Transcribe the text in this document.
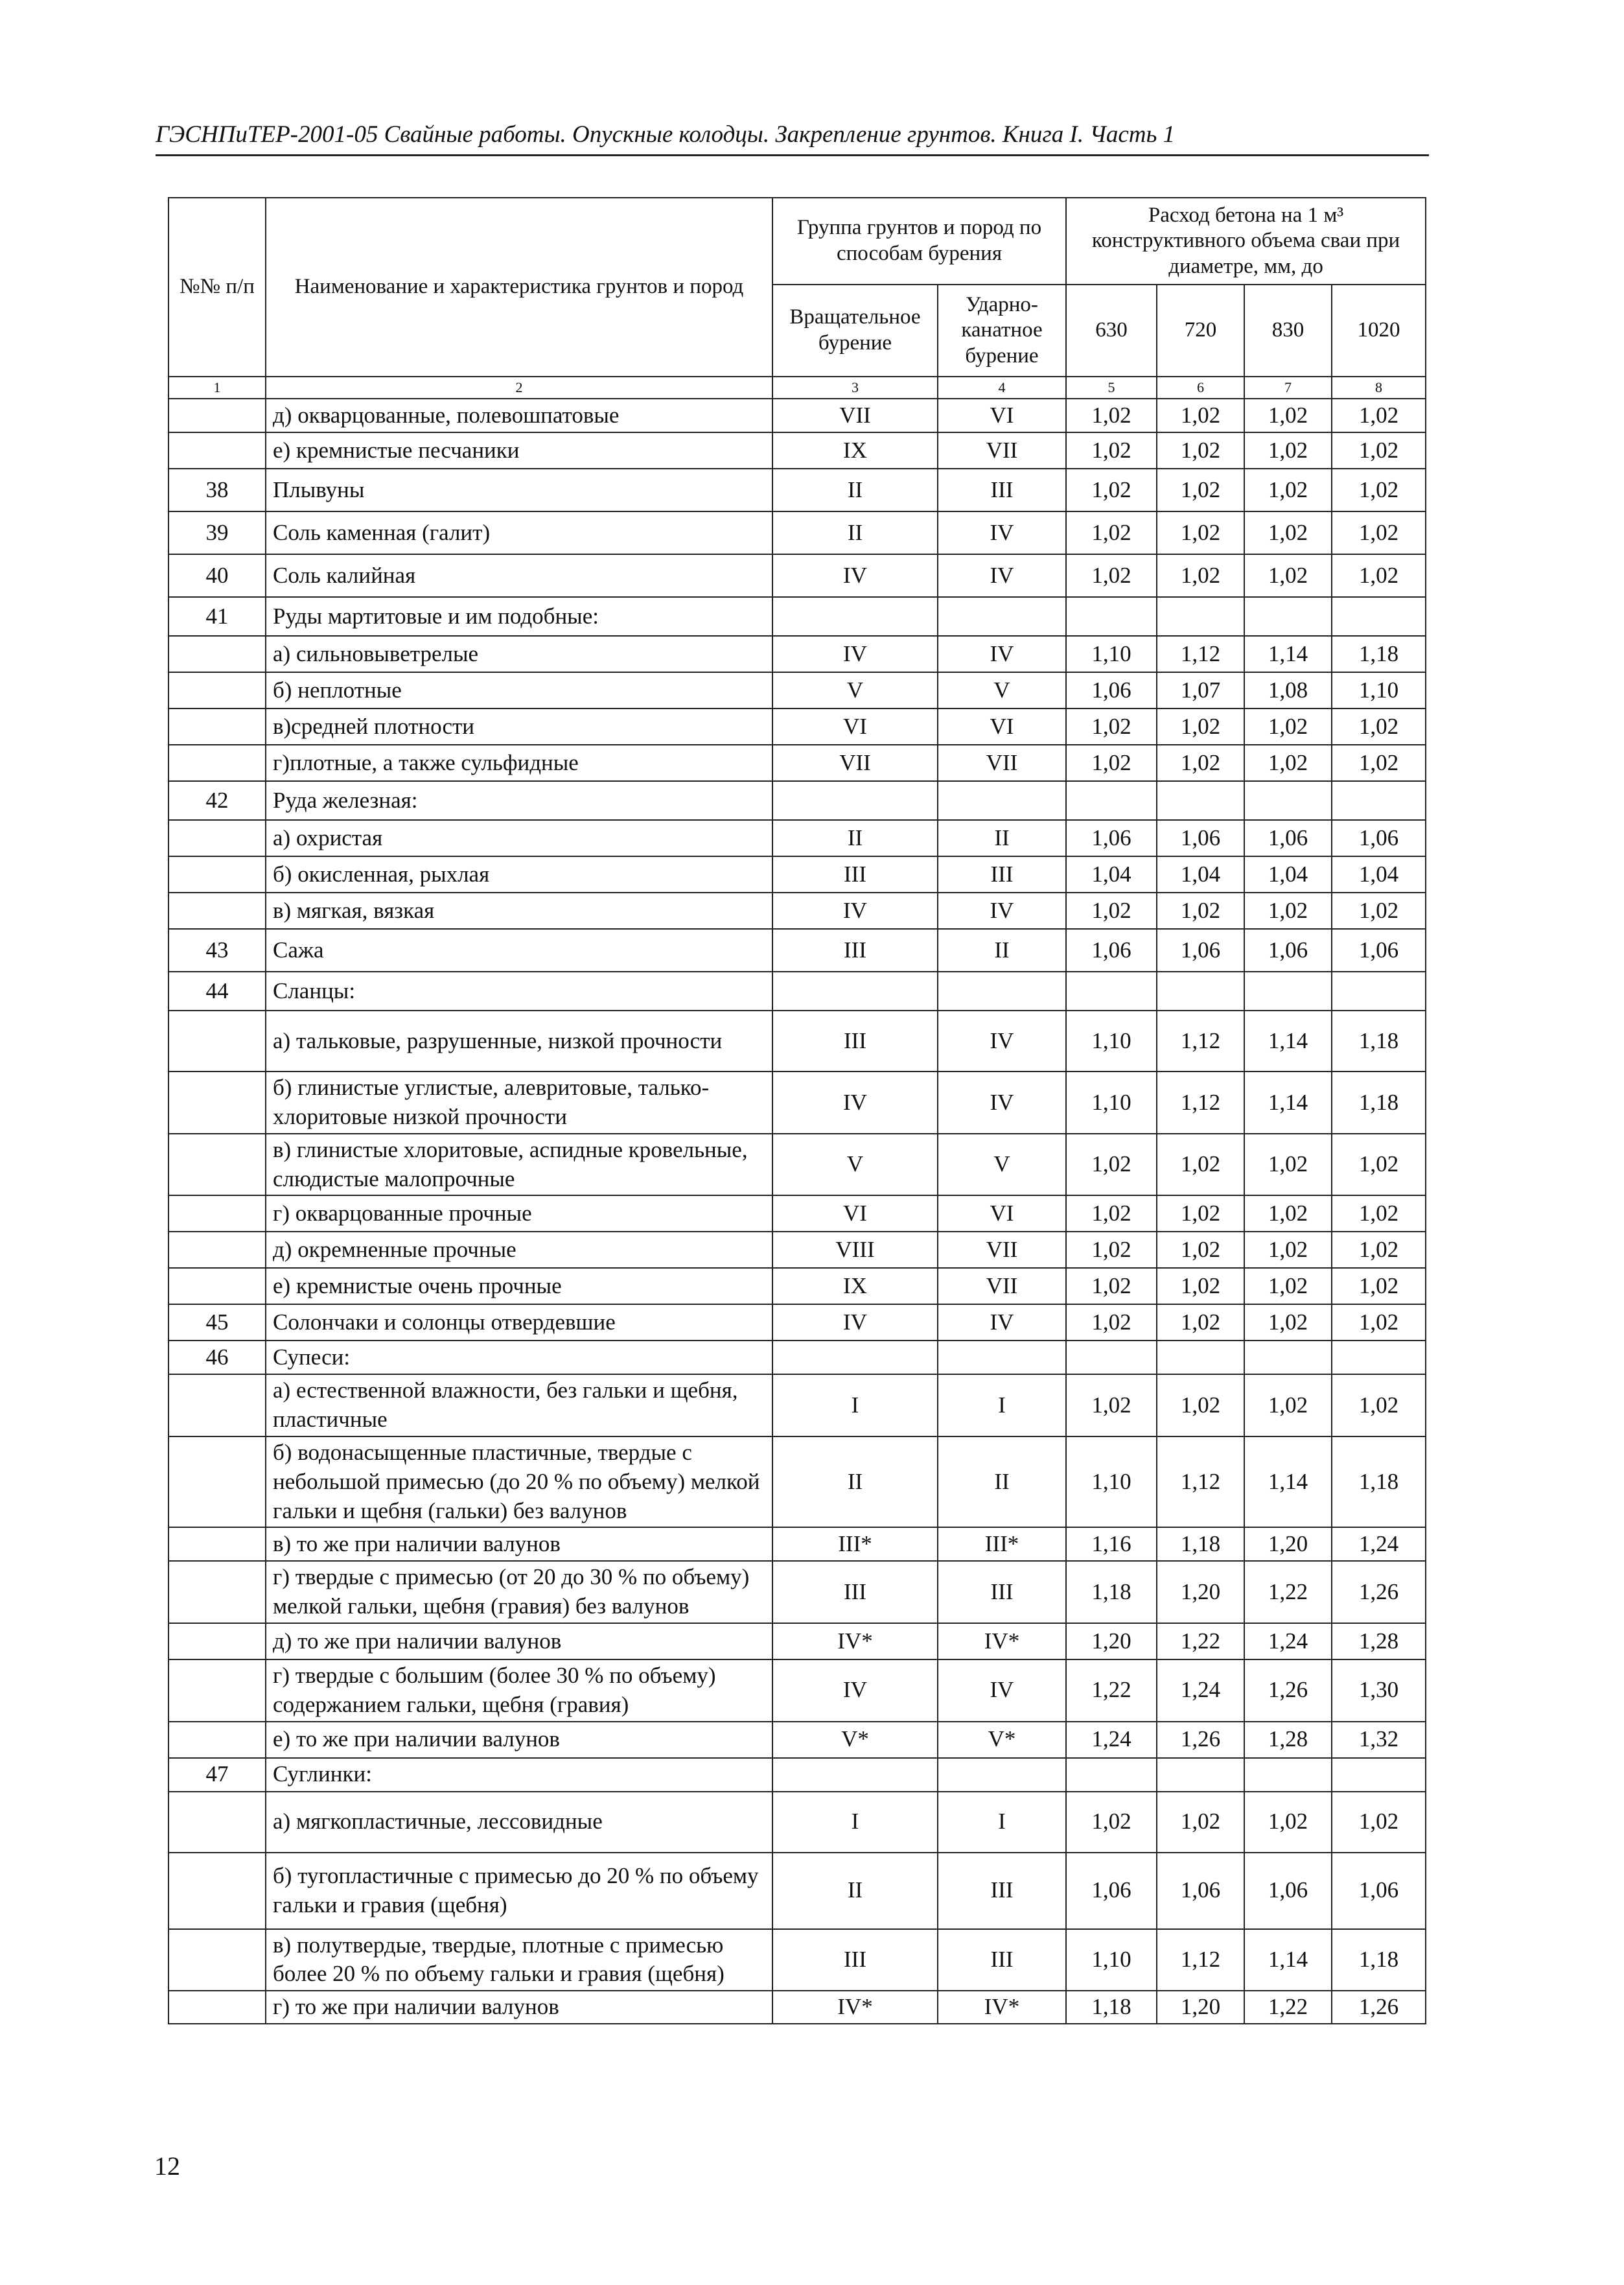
ГЭСНПиТЕР-2001-05 Свайные работы. Опускные колодцы. Закрепление грунтов. Книга I. Часть 1
№№ п/п	Наименование и характеристика грунтов и пород	Группа грунтов и пород по способам бурения		Расход бетона на 1 м³ конструктивного объема сваи при диаметре, мм, до			
		Вращательное бурение	Ударно-канатное бурение	630	720	830	1020
1	2	3	4	5	6	7	8
	д) окварцованные, полевошпатовые	VII	VI	1,02	1,02	1,02	1,02
	е) кремнистые песчаники	IX	VII	1,02	1,02	1,02	1,02
38	Плывуны	II	III	1,02	1,02	1,02	1,02
39	Соль каменная (галит)	II	IV	1,02	1,02	1,02	1,02
40	Соль калийная	IV	IV	1,02	1,02	1,02	1,02
41	Руды мартитовые и им подобные:						
	а) сильновыветрелые	IV	IV	1,10	1,12	1,14	1,18
	б) неплотные	V	V	1,06	1,07	1,08	1,10
	в)средней плотности	VI	VI	1,02	1,02	1,02	1,02
	г)плотные, а также сульфидные	VII	VII	1,02	1,02	1,02	1,02
42	Руда железная:						
	а) охристая	II	II	1,06	1,06	1,06	1,06
	б) окисленная, рыхлая	III	III	1,04	1,04	1,04	1,04
	в) мягкая, вязкая	IV	IV	1,02	1,02	1,02	1,02
43	Сажа	III	II	1,06	1,06	1,06	1,06
44	Сланцы:						
	а) тальковые, разрушенные, низкой прочности	III	IV	1,10	1,12	1,14	1,18
	б) глинистые углистые, алевритовые, талько-хлоритовые низкой прочности	IV	IV	1,10	1,12	1,14	1,18
	в) глинистые хлоритовые, аспидные кровельные, слюдистые малопрочные	V	V	1,02	1,02	1,02	1,02
	г) окварцованные прочные	VI	VI	1,02	1,02	1,02	1,02
	д) окремненные прочные	VIII	VII	1,02	1,02	1,02	1,02
	е) кремнистые очень прочные	IX	VII	1,02	1,02	1,02	1,02
45	Солончаки и солонцы отвердевшие	IV	IV	1,02	1,02	1,02	1,02
46	Супеси:						
	а) естественной влажности, без гальки и щебня, пластичные	I	I	1,02	1,02	1,02	1,02
	б) водонасыщенные пластичные, твердые с небольшой примесью (до 20 % по объему) мелкой гальки и щебня (гальки) без валунов	II	II	1,10	1,12	1,14	1,18
	в) то же при наличии валунов	III*	III*	1,16	1,18	1,20	1,24
	г) твердые с примесью (от 20 до 30 % по объему) мелкой гальки, щебня (гравия) без валунов	III	III	1,18	1,20	1,22	1,26
	д) то же при наличии валунов	IV*	IV*	1,20	1,22	1,24	1,28
	г) твердые с большим (более 30 % по объему) содержанием гальки, щебня (гравия)	IV	IV	1,22	1,24	1,26	1,30
	е) то же при наличии валунов	V*	V*	1,24	1,26	1,28	1,32
47	Суглинки:						
	а) мягкопластичные, лессовидные	I	I	1,02	1,02	1,02	1,02
	б) тугопластичные с примесью до 20 % по объему гальки и гравия (щебня)	II	III	1,06	1,06	1,06	1,06
	в) полутвердые, твердые, плотные с примесью более 20 % по объему гальки и гравия (щебня)	III	III	1,10	1,12	1,14	1,18
	г) то же при наличии валунов	IV*	IV*	1,18	1,20	1,22	1,26
12
